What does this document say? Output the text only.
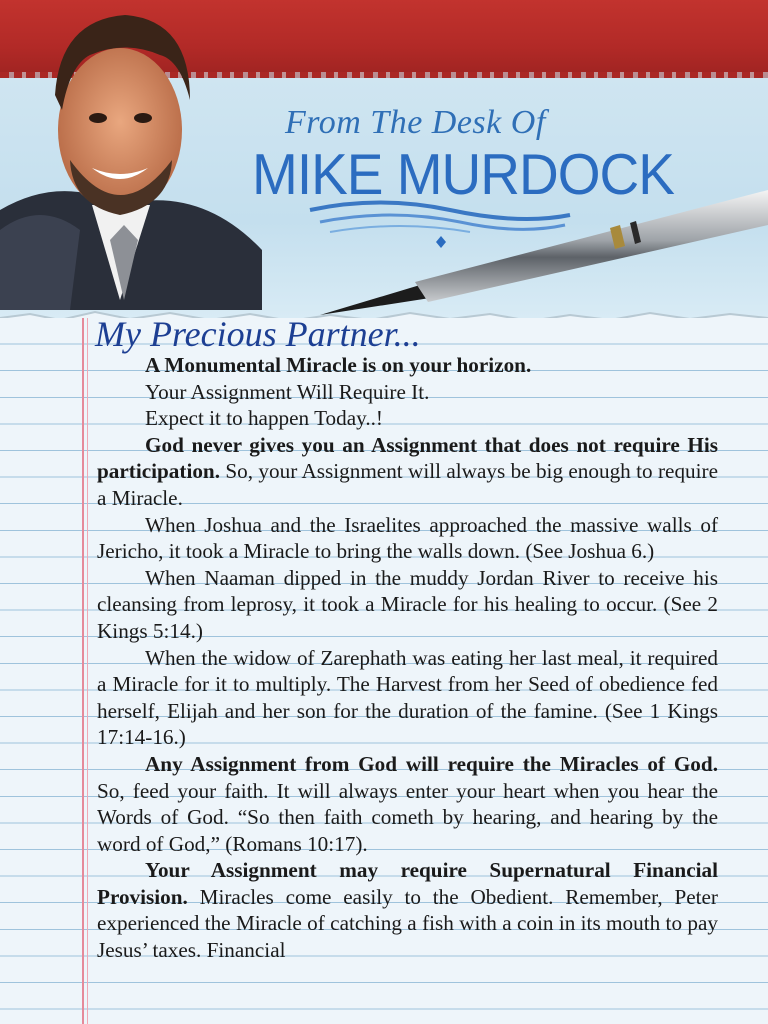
From The Desk Of
MIKE MURDOCK
My Precious Partner...

A Monumental Miracle is on your horizon.

Your Assignment Will Require It.

Expect it to happen Today..!

God never gives you an Assignment that does not require His participation. So, your Assignment will always be big enough to require a Miracle.

When Joshua and the Israelites approached the massive walls of Jericho, it took a Miracle to bring the walls down. (See Joshua 6.)

When Naaman dipped in the muddy Jordan River to receive his cleansing from leprosy, it took a Miracle for his healing to occur. (See 2 Kings 5:14.)

When the widow of Zarephath was eating her last meal, it required a Miracle for it to multiply. The Harvest from her Seed of obedience fed herself, Elijah and her son for the duration of the famine. (See 1 Kings 17:14-16.)

Any Assignment from God will require the Miracles of God. So, feed your faith. It will always enter your heart when you hear the Words of God. “So then faith cometh by hearing, and hearing by the word of God,” (Romans 10:17).

Your Assignment may require Supernatural Financial Provision. Miracles come easily to the Obedient. Remember, Peter experienced the Miracle of catching a fish with a coin in its mouth to pay Jesus’ taxes. Financial
